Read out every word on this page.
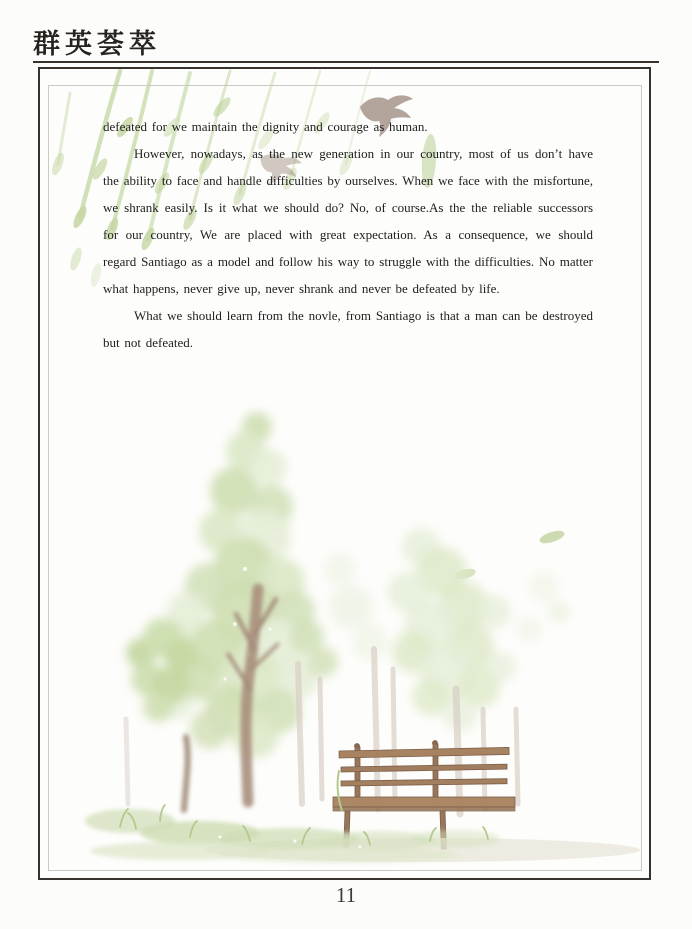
群英荟萃

defeated for we maintain the dignity and courage as human.

However, nowadays, as the new generation in our country, most of us don’t have the ability to face and handle difficulties by ourselves. When we face with the misfortune, we shrank easily. Is it what we should do? No, of course.As the the reliable successors for our country, We are placed with great expectation. As a consequence, we should regard Santiago as a model and follow his way to struggle with the difficulties. No matter what happens, never give up, never shrank and never be defeated by life.

What we should learn from the novle, from Santiago is that a man can be destroyed but not defeated.

11
